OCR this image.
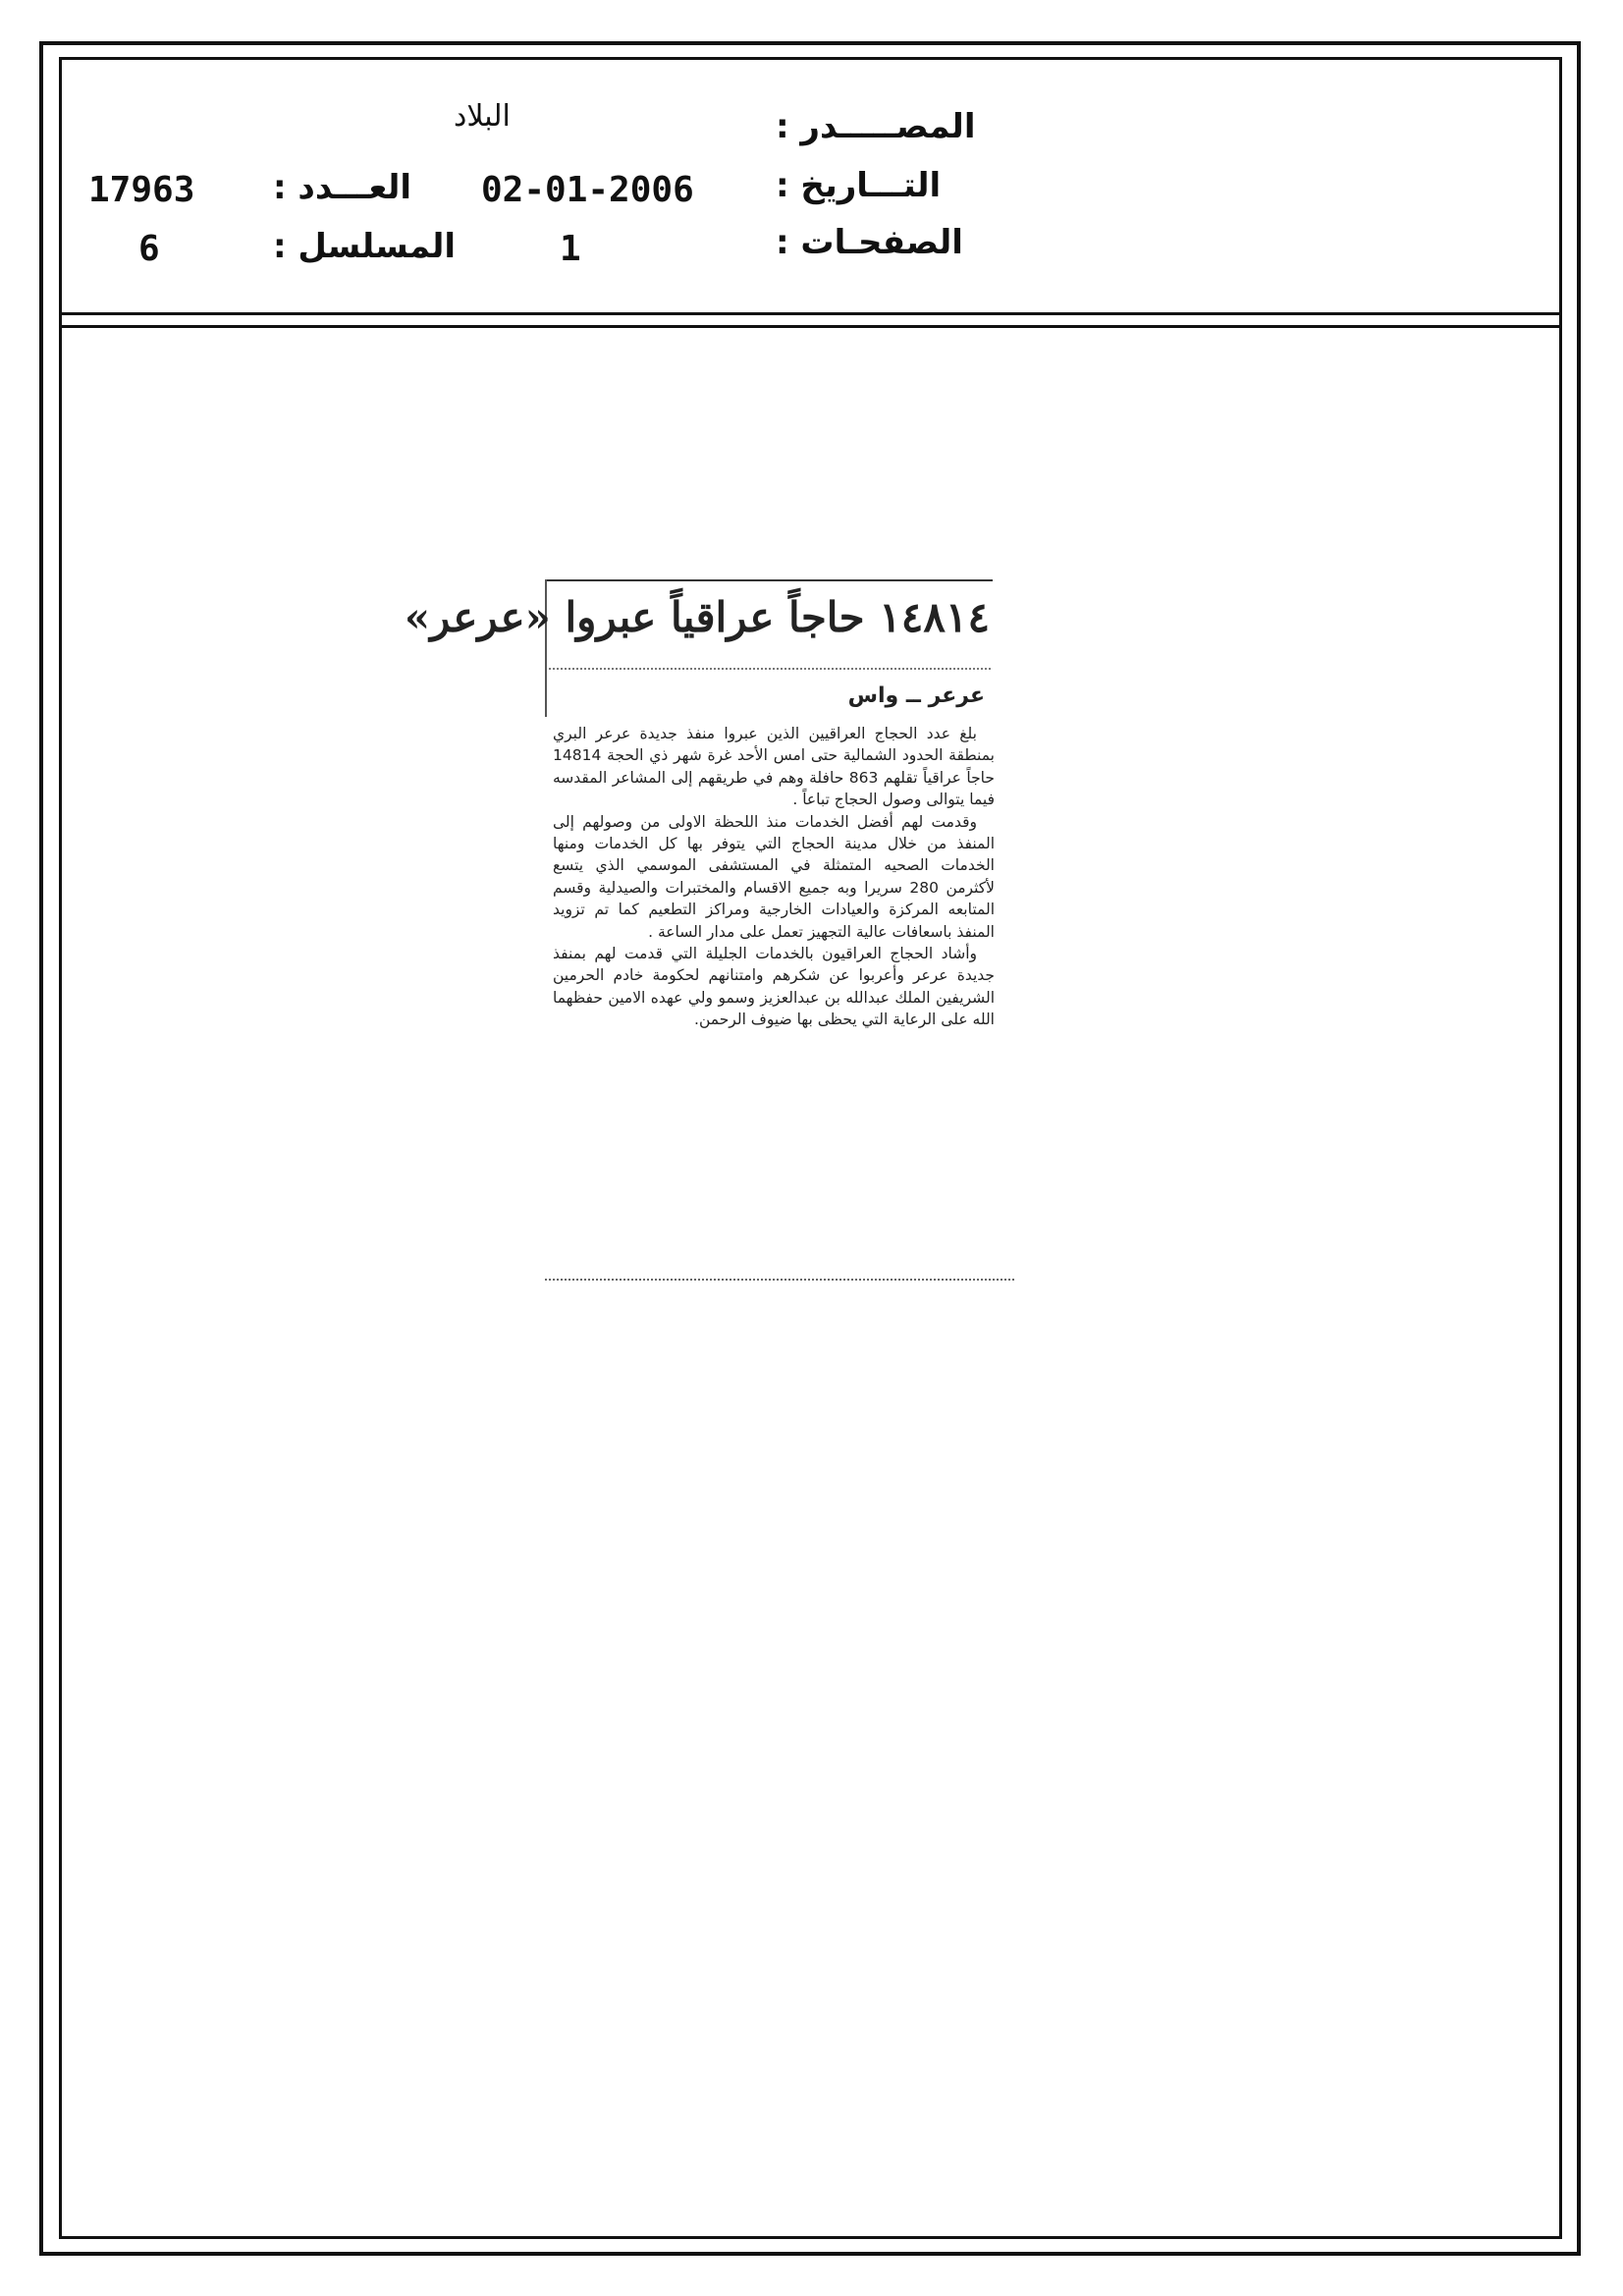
المصـــــدر :
البلاد
التـــاريخ :
02-01-2006
العـــدد :
17963
الصفحـات :
1
المسلسل :
6
١٤٨١٤ حاجاً عراقياً عبروا «عرعر»
عرعر ــ واس

بلغ عدد الحجاج العراقيين الذين عبروا منفذ جديدة عرعر البري بمنطقة الحدود الشمالية حتى امس الأحد غرة شهر ذي الحجة 14814 حاجاً عراقياً تقلهم 863 حافلة وهم في طريقهم إلى المشاعر المقدسه فيما يتوالى وصول الحجاج تباعاً .

وقدمت لهم أفضل الخدمات منذ اللحظة الاولى من وصولهم إلى المنفذ من خلال مدينة الحجاج التي يتوفر بها كل الخدمات ومنها الخدمات الصحيه المتمثلة في المستشفى الموسمي الذي يتسع لأكثرمن 280 سريرا وبه جميع الاقسام والمختبرات والصيدلية وقسم المتابعه المركزة والعيادات الخارجية ومراكز التطعيم كما تم تزويد المنفذ باسعافات عالية التجهيز تعمل على مدار الساعة .

وأشاد الحجاج العراقيون بالخدمات الجليلة التي قدمت لهم بمنفذ جديدة عرعر وأعربوا عن شكرهم وامتنانهم لحكومة خادم الحرمين الشريفين الملك عبدالله بن عبدالعزيز وسمو ولي عهده الامين حفظهما الله على الرعاية التي يحظى بها ضيوف الرحمن.
